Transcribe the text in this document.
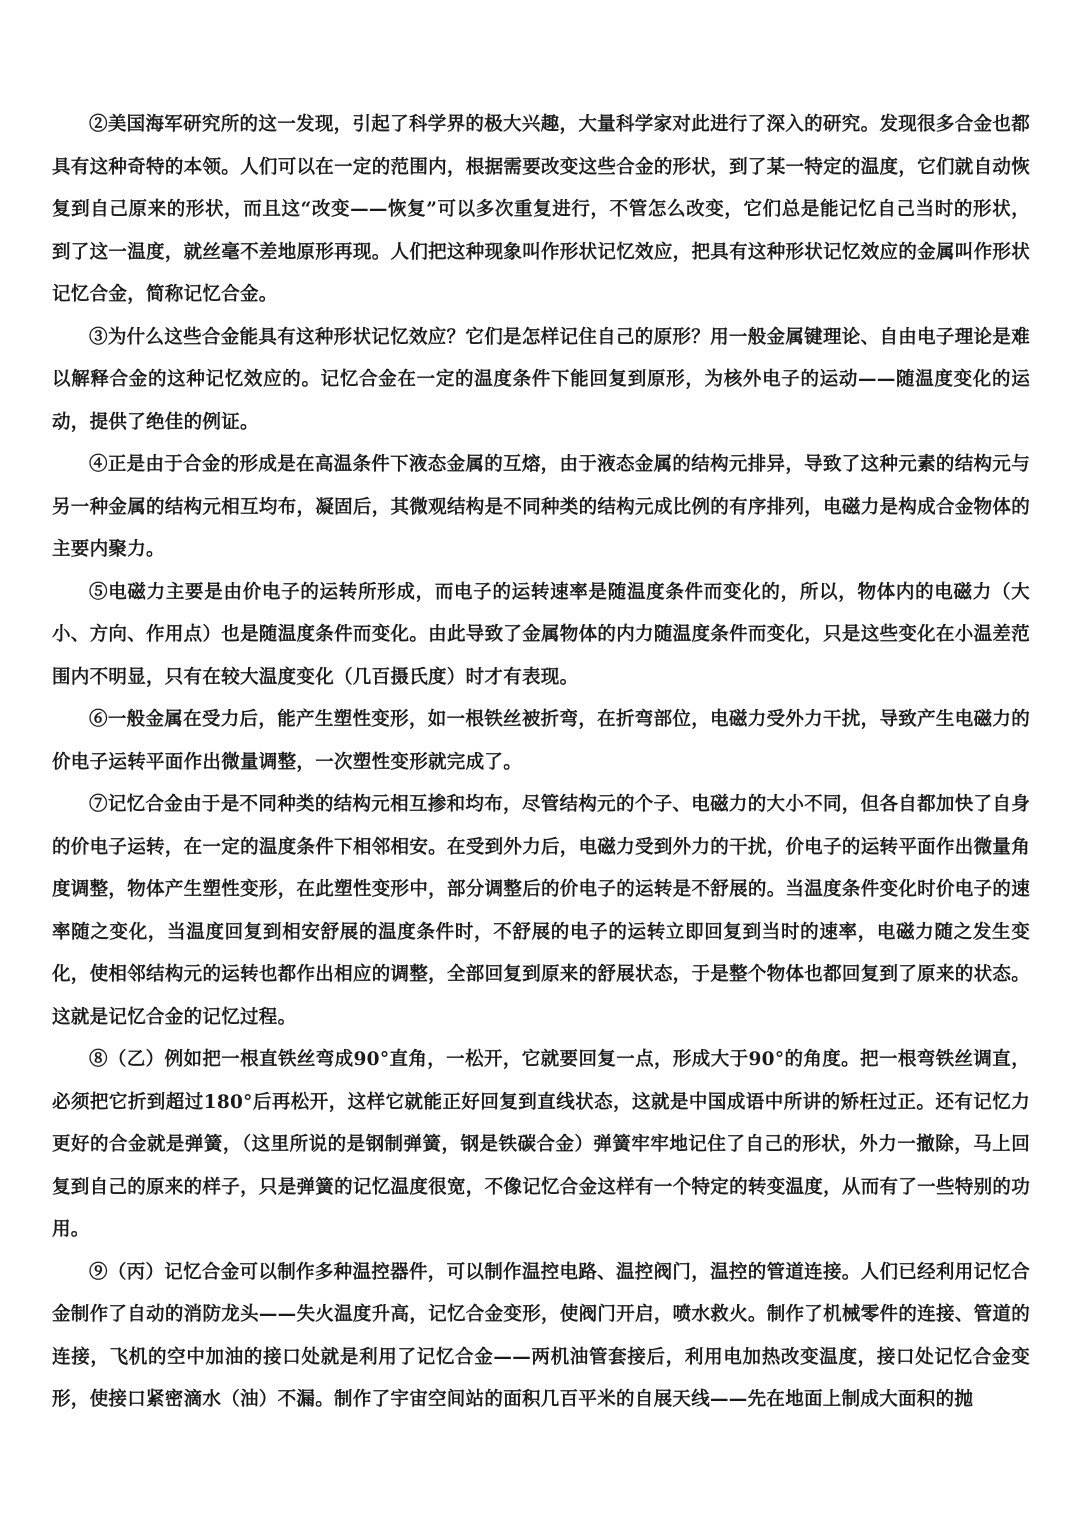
②美国海军研究所的这一发现，引起了科学界的极大兴趣，大量科学家对此进行了深入的研究。发现很多合金也都具有这种奇特的本领。人们可以在一定的范围内，根据需要改变这些合金的形状，到了某一特定的温度，它们就自动恢复到自己原来的形状，而且这“改变——恢复”可以多次重复进行，不管怎么改变，它们总是能记忆自己当时的形状，到了这一温度，就丝毫不差地原形再现。人们把这种现象叫作形状记忆效应，把具有这种形状记忆效应的金属叫作形状记忆合金，简称记忆合金。

③为什么这些合金能具有这种形状记忆效应？它们是怎样记住自己的原形？用一般金属键理论、自由电子理论是难以解释合金的这种记忆效应的。记忆合金在一定的温度条件下能回复到原形，为核外电子的运动——随温度变化的运动，提供了绝佳的例证。

④正是由于合金的形成是在高温条件下液态金属的互熔，由于液态金属的结构元排异，导致了这种元素的结构元与另一种金属的结构元相互均布，凝固后，其微观结构是不同种类的结构元成比例的有序排列，电磁力是构成合金物体的主要内聚力。

⑤电磁力主要是由价电子的运转所形成，而电子的运转速率是随温度条件而变化的，所以，物体内的电磁力（大小、方向、作用点）也是随温度条件而变化。由此导致了金属物体的内力随温度条件而变化，只是这些变化在小温差范围内不明显，只有在较大温度变化（几百摄氏度）时才有表现。

⑥一般金属在受力后，能产生塑性变形，如一根铁丝被折弯，在折弯部位，电磁力受外力干扰，导致产生电磁力的价电子运转平面作出微量调整，一次塑性变形就完成了。

⑦记忆合金由于是不同种类的结构元相互掺和均布，尽管结构元的个子、电磁力的大小不同，但各自都加快了自身的价电子运转，在一定的温度条件下相邻相安。在受到外力后，电磁力受到外力的干扰，价电子的运转平面作出微量角度调整，物体产生塑性变形，在此塑性变形中，部分调整后的价电子的运转是不舒展的。当温度条件变化时价电子的速率随之变化，当温度回复到相安舒展的温度条件时，不舒展的电子的运转立即回复到当时的速率，电磁力随之发生变化，使相邻结构元的运转也都作出相应的调整，全部回复到原来的舒展状态，于是整个物体也都回复到了原来的状态。这就是记忆合金的记忆过程。

⑧（乙）例如把一根直铁丝弯成90°直角，一松开，它就要回复一点，形成大于90°的角度。把一根弯铁丝调直，必须把它折到超过180°后再松开，这样它就能正好回复到直线状态，这就是中国成语中所讲的矫枉过正。还有记忆力更好的合金就是弹簧，（这里所说的是钢制弹簧，钢是铁碳合金）弹簧牢牢地记住了自己的形状，外力一撤除，马上回复到自己的原来的样子，只是弹簧的记忆温度很宽，不像记忆合金这样有一个特定的转变温度，从而有了一些特别的功用。

⑨（丙）记忆合金可以制作多种温控器件，可以制作温控电路、温控阀门，温控的管道连接。人们已经利用记忆合金制作了自动的消防龙头——失火温度升高，记忆合金变形，使阀门开启，喷水救火。制作了机械零件的连接、管道的连接，飞机的空中加油的接口处就是利用了记忆合金——两机油管套接后，利用电加热改变温度，接口处记忆合金变形，使接口紧密滴水（油）不漏。制作了宇宙空间站的面积几百平米的自展天线——先在地面上制成大面积的抛
